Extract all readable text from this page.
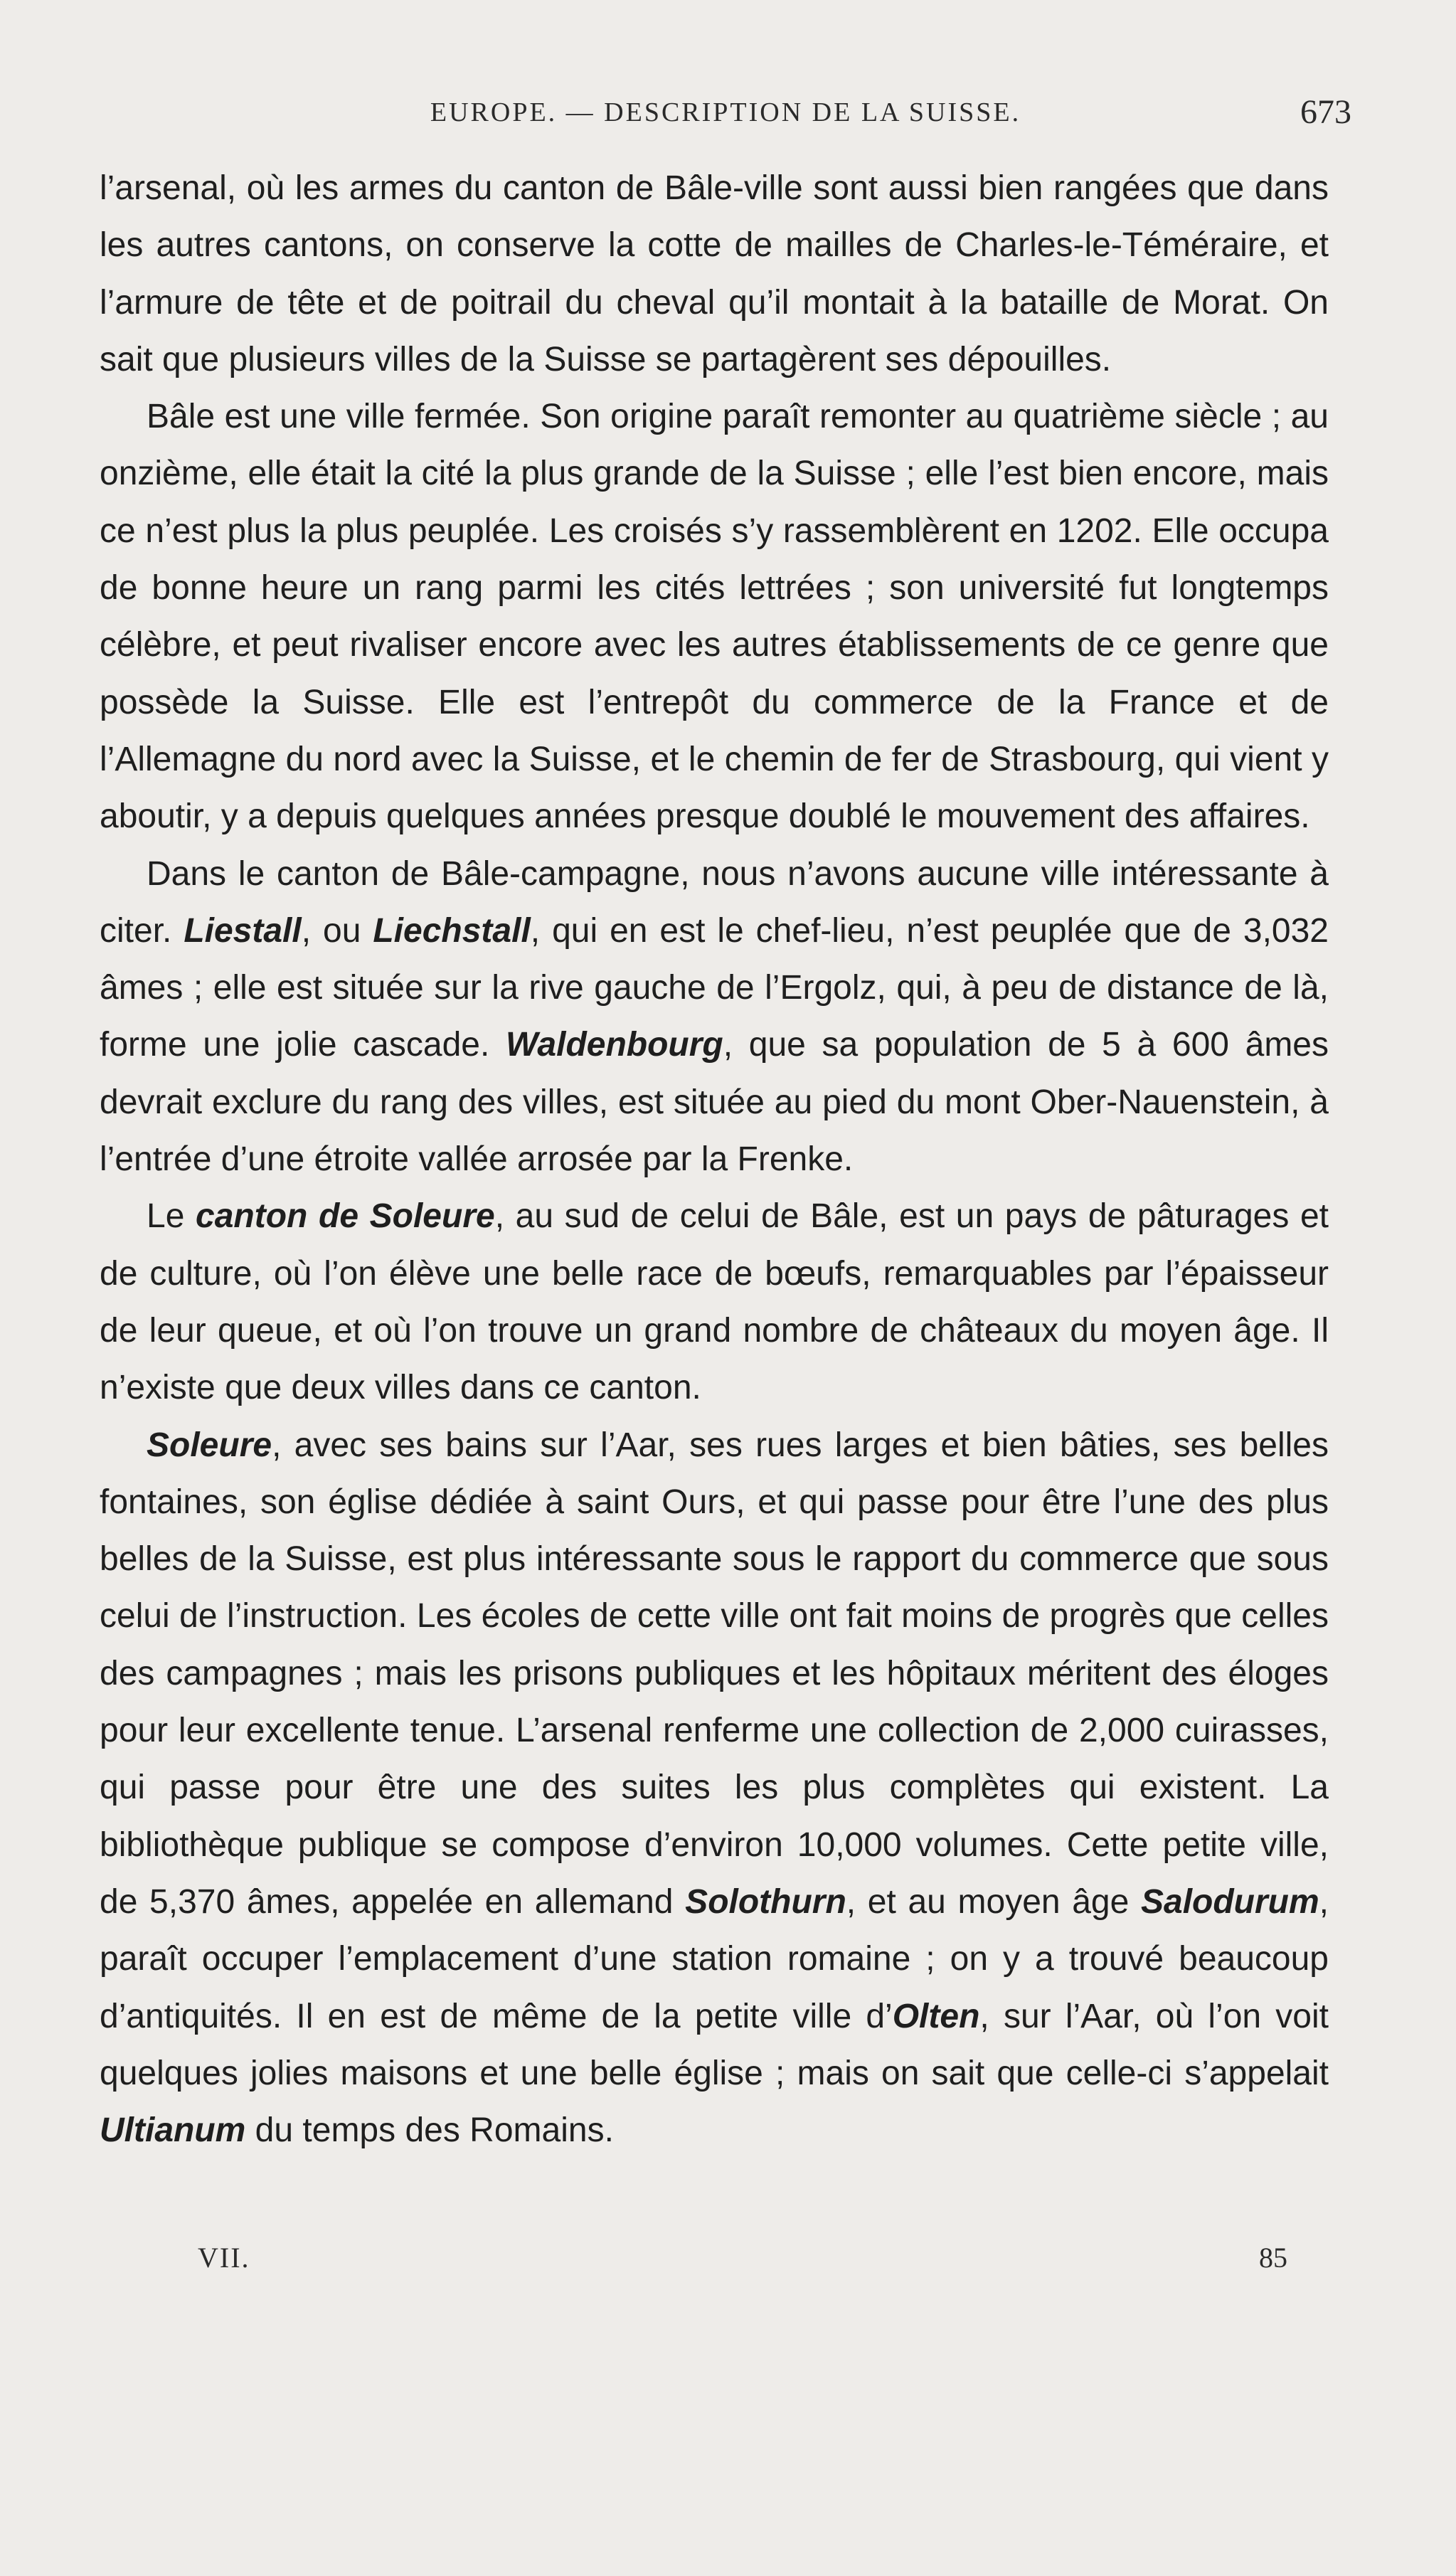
EUROPE. — DESCRIPTION DE LA SUISSE.	673

l’arsenal, où les armes du canton de Bâle-ville sont aussi bien rangées que dans les autres cantons, on conserve la cotte de mailles de Charles-le-Téméraire, et l’armure de tête et de poitrail du cheval qu’il montait à la bataille de Morat. On sait que plusieurs villes de la Suisse se partagèrent ses dépouilles.

Bâle est une ville fermée. Son origine paraît remonter au quatrième siècle ; au onzième, elle était la cité la plus grande de la Suisse ; elle l’est bien encore, mais ce n’est plus la plus peuplée. Les croisés s’y rassemblèrent en 1202. Elle occupa de bonne heure un rang parmi les cités lettrées ; son université fut longtemps célèbre, et peut rivaliser encore avec les autres établissements de ce genre que possède la Suisse. Elle est l’entrepôt du commerce de la France et de l’Allemagne du nord avec la Suisse, et le chemin de fer de Strasbourg, qui vient y aboutir, y a depuis quelques années presque doublé le mouvement des affaires.

Dans le canton de Bâle-campagne, nous n’avons aucune ville intéressante à citer. Liestall, ou Liechstall, qui en est le chef-lieu, n’est peuplée que de 3,032 âmes ; elle est située sur la rive gauche de l’Ergolz, qui, à peu de distance de là, forme une jolie cascade. Waldenbourg, que sa population de 5 à 600 âmes devrait exclure du rang des villes, est située au pied du mont Ober-Nauenstein, à l’entrée d’une étroite vallée arrosée par la Frenke.

Le canton de Soleure, au sud de celui de Bâle, est un pays de pâturages et de culture, où l’on élève une belle race de bœufs, remarquables par l’épaisseur de leur queue, et où l’on trouve un grand nombre de châteaux du moyen âge. Il n’existe que deux villes dans ce canton.

Soleure, avec ses bains sur l’Aar, ses rues larges et bien bâties, ses belles fontaines, son église dédiée à saint Ours, et qui passe pour être l’une des plus belles de la Suisse, est plus intéressante sous le rapport du commerce que sous celui de l’instruction. Les écoles de cette ville ont fait moins de progrès que celles des campagnes ; mais les prisons publiques et les hôpitaux méritent des éloges pour leur excellente tenue. L’arsenal renferme une collection de 2,000 cuirasses, qui passe pour être une des suites les plus complètes qui existent. La bibliothèque publique se compose d’environ 10,000 volumes. Cette petite ville, de 5,370 âmes, appelée en allemand Solothurn, et au moyen âge Salodurum, paraît occuper l’emplacement d’une station romaine ; on y a trouvé beaucoup d’antiquités. Il en est de même de la petite ville d’Olten, sur l’Aar, où l’on voit quelques jolies maisons et une belle église ; mais on sait que celle-ci s’appelait Ultianum du temps des Romains.

VII.	85
